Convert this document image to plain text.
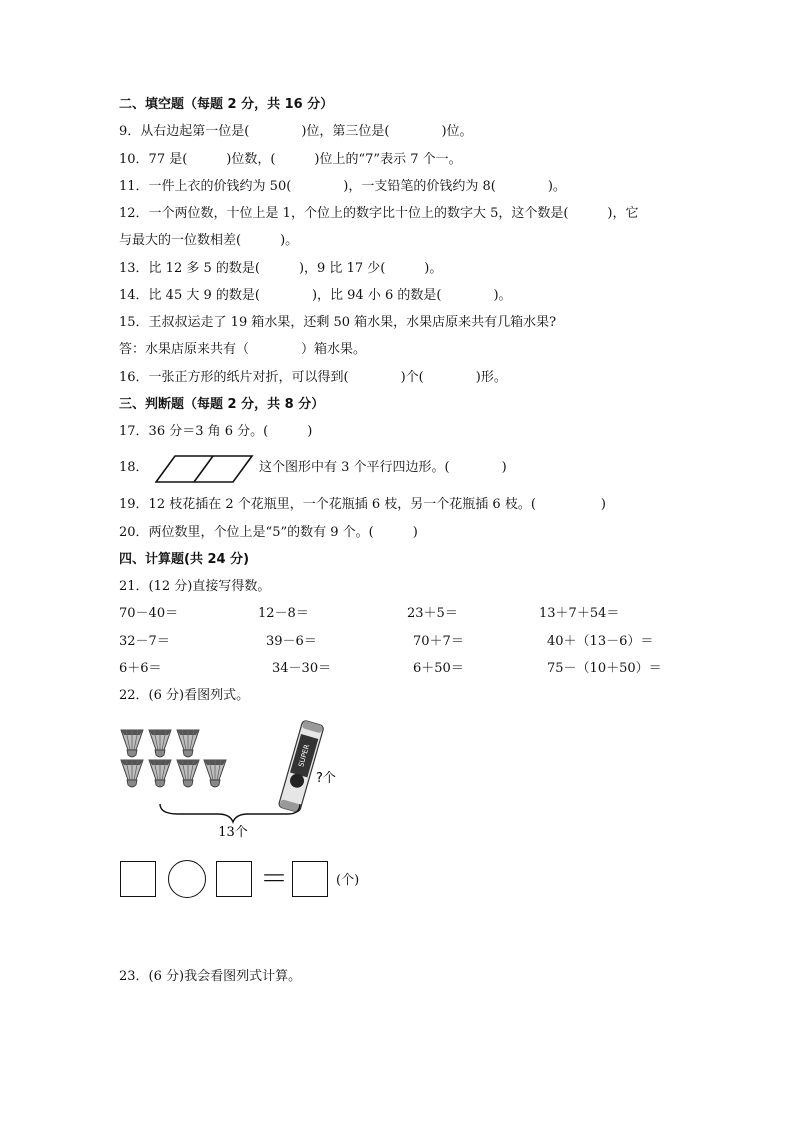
二、填空题（每题 2 分，共 16 分）
9．从右边起第一位是(　　　　)位，第三位是(　　　　)位。
10．77 是(　　　)位数，(　　　)位上的“7”表示 7 个一。
11．一件上衣的价钱约为 50(　　　　)，一支铅笔的价钱约为 8(　　　　)。
12．一个两位数，十位上是 1，个位上的数字比十位上的数字大 5，这个数是(　　　)，它
与最大的一位数相差(　　　)。
13．比 12 多 5 的数是(　　　)，9 比 17 少(　　　)。
14．比 45 大 9 的数是(　　　　)，比 94 小 6 的数是(　　　　)。
15．王叔叔运走了 19 箱水果，还剩 50 箱水果，水果店原来共有几箱水果?
答：水果店原来共有（　　　　）箱水果。
16．一张正方形的纸片对折，可以得到(　　　　)个(　　　　)形。
三、判断题（每题 2 分，共 8 分）
17．36 分＝3 角 6 分。(　　　)
18．	这个图形中有 3 个平行四边形。(　　　　)
19．12 枝花插在 2 个花瓶里，一个花瓶插 6 枝，另一个花瓶插 6 枝。(　　　　　)
20．两位数里，个位上是“5”的数有 9 个。(　　　)
四、计算题(共 24 分)
21．(12 分)直接写得数。
70－40＝	12－8＝	23＋5＝	13＋7＋54＝
32－7＝	39－6＝	70＋7＝	40＋（13－6）＝
6＋6＝	34－30＝	6＋50＝	75－（10＋50）＝
22．(6 分)看图列式。
SUPER
?个
13个
＝	(个)
23．(6 分)我会看图列式计算。
